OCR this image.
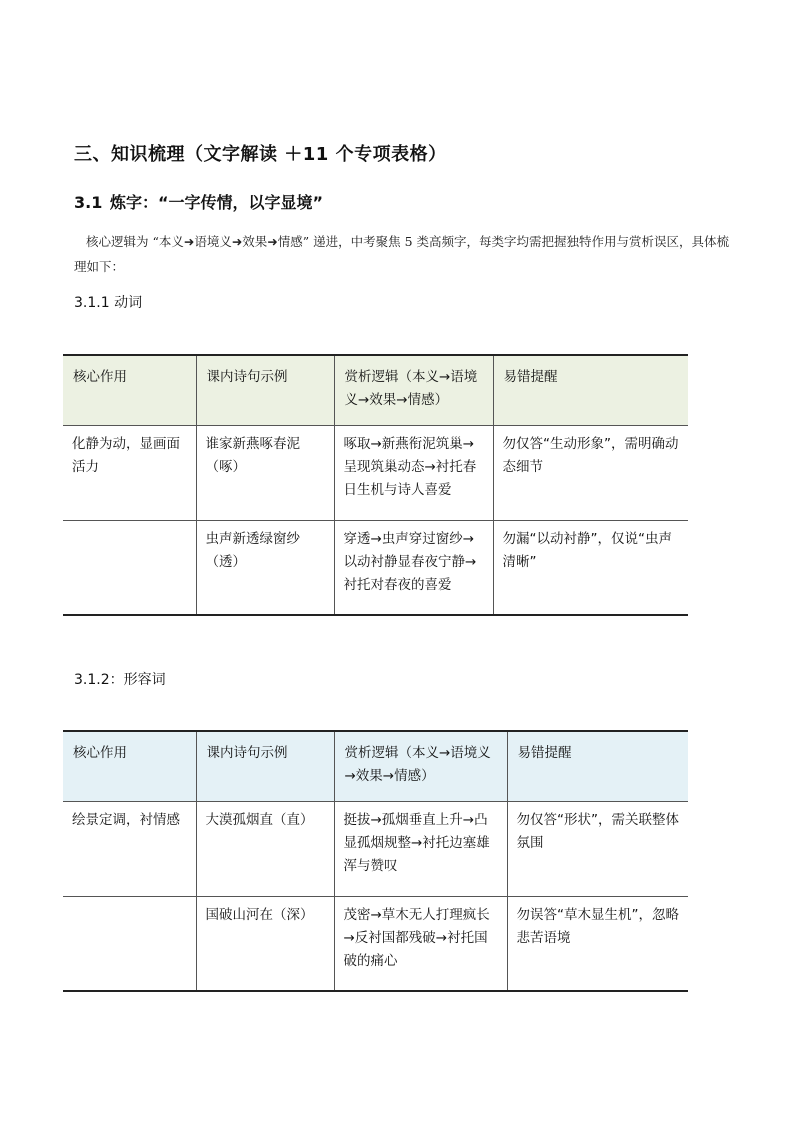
三、知识梳理（文字解读 ＋11 个专项表格）
3.1 炼字：“一字传情，以字显境”
核心逻辑为 “本义➜语境义➜效果➜情感” 递进，中考聚焦 5 类高频字，每类字均需把握独特作用与赏析误区，具体梳理如下：
3.1.1 动词
核心作用	课内诗句示例	赏析逻辑（本义→语境义→效果→情感）	易错提醒
化静为动，显画面活力	谁家新燕啄春泥（啄）	啄取→新燕衔泥筑巢→呈现筑巢动态→衬托春日生机与诗人喜爱	勿仅答“生动形象”，需明确动态细节
	虫声新透绿窗纱（透）	穿透→虫声穿过窗纱→以动衬静显春夜宁静→衬托对春夜的喜爱	勿漏“以动衬静”，仅说“虫声清晰”
3.1.2：形容词
核心作用	课内诗句示例	赏析逻辑（本义→语境义→效果→情感）	易错提醒
绘景定调，衬情感	大漠孤烟直（直）	挺拔→孤烟垂直上升→凸显孤烟规整→衬托边塞雄浑与赞叹	勿仅答“形状”，需关联整体氛围
	国破山河在（深）	茂密→草木无人打理疯长→反衬国都残破→衬托国破的痛心	勿误答“草木显生机”，忽略悲苦语境
